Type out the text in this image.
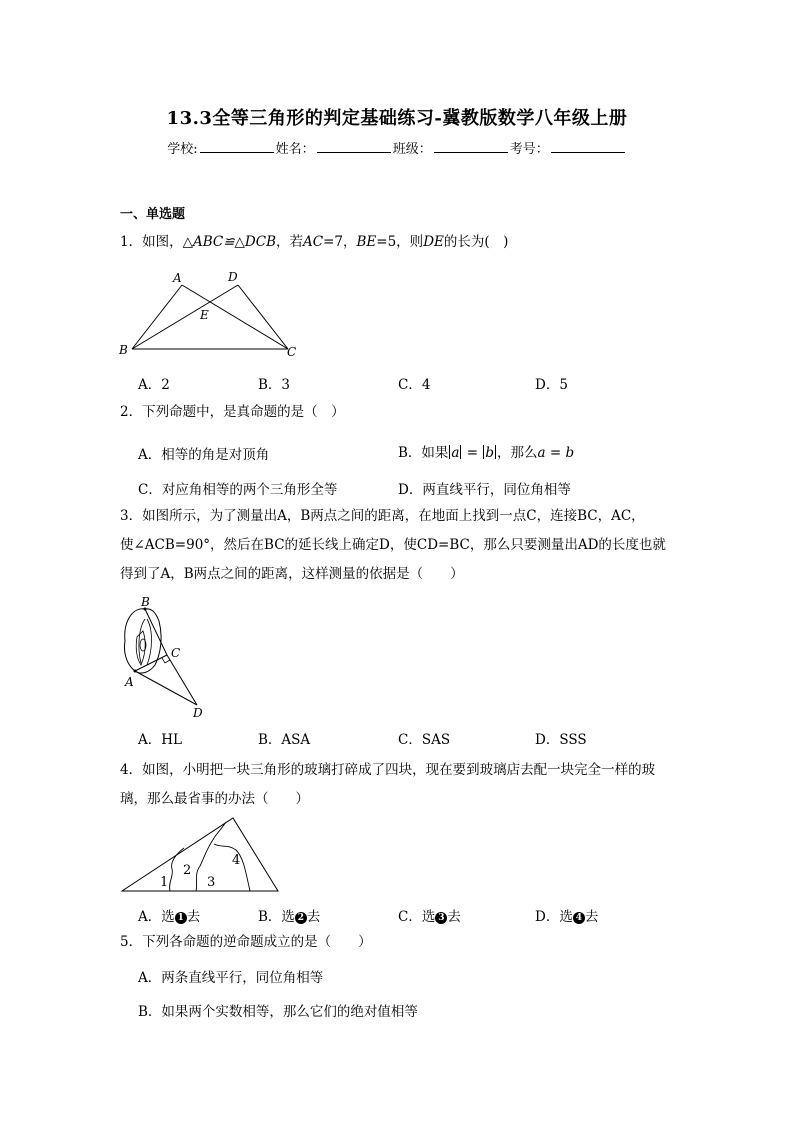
13.3全等三角形的判定基础练习-冀教版数学八年级上册
学校:	姓名：	班级：	考号：
一、单选题
1．如图，△ABC≌△DCB，若AC=7，BE=5，则DE的长为(　)
A	D
E
B	C
A．2	B．3	C．4	D．5
2．下列命题中，是真命题的是（　）
A．相等的角是对顶角	B．如果 a = b ，那么a = b
C．对应角相等的两个三角形全等	D．两直线平行，同位角相等
3．如图所示，为了测量出A，B两点之间的距离，在地面上找到一点C，连接BC，AC，
使∠ACB=90°，然后在BC的延长线上确定D，使CD=BC，那么只要测量出AD的长度也就
得到了A，B两点之间的距离，这样测量的依据是（　　）
B
C
A
D
A．HL	B．ASA	C．SAS	D．SSS
4．如图，小明把一块三角形的玻璃打碎成了四块，现在要到玻璃店去配一块完全一样的玻
璃，那么最省事的办法（　　）
1
2
3
4
A．选 1 去	B．选 2 去	C．选 3 去	D．选 4 去
5．下列各命题的逆命题成立的是（　　）
A．两条直线平行，同位角相等
B．如果两个实数相等，那么它们的绝对值相等
